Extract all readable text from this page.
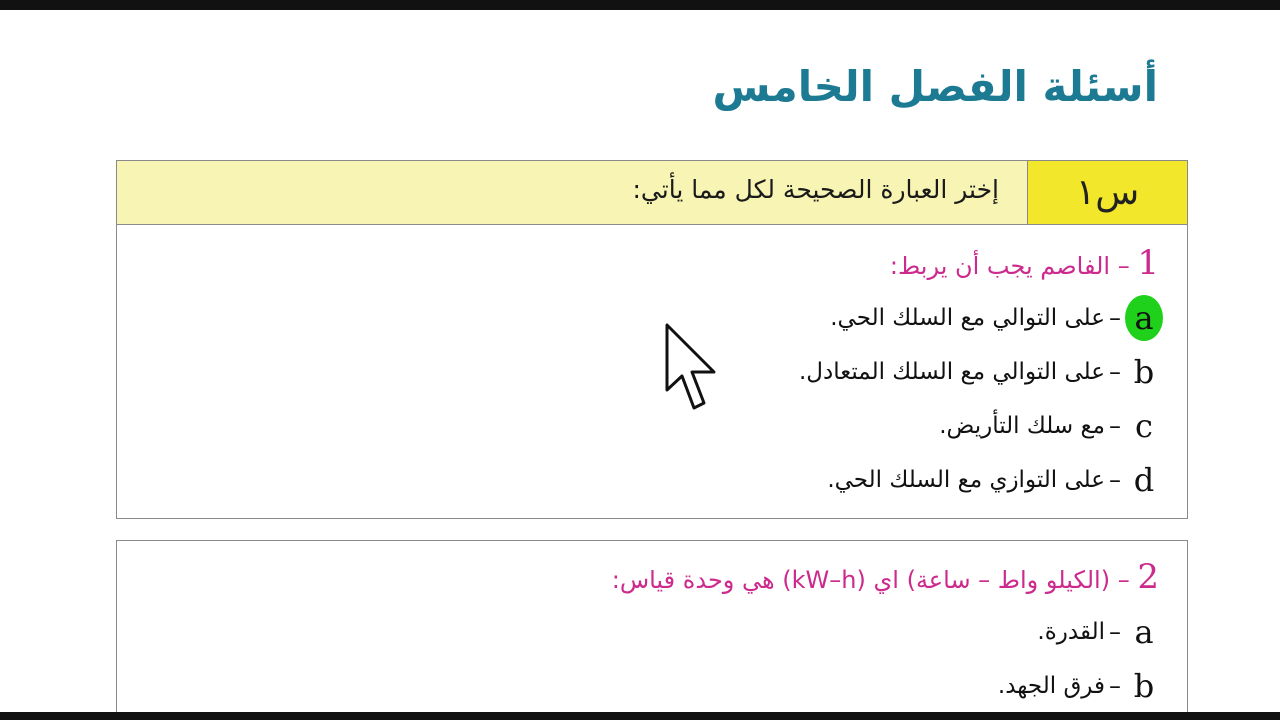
أسئلة الفصل الخامس
س١
إختر العبارة الصحيحة لكل مما يأتي:
1 – الفاصم يجب أن يربط:
a
–
على التوالي مع السلك الحي.
b
–
على التوالي مع السلك المتعادل.
c
–
مع سلك التأريض.
d
–
على التوازي مع السلك الحي.
2 – (الكيلو واط – ساعة) اي (kW–h) هي وحدة قياس:
a
–
القدرة.
b
–
فرق الجهد.
